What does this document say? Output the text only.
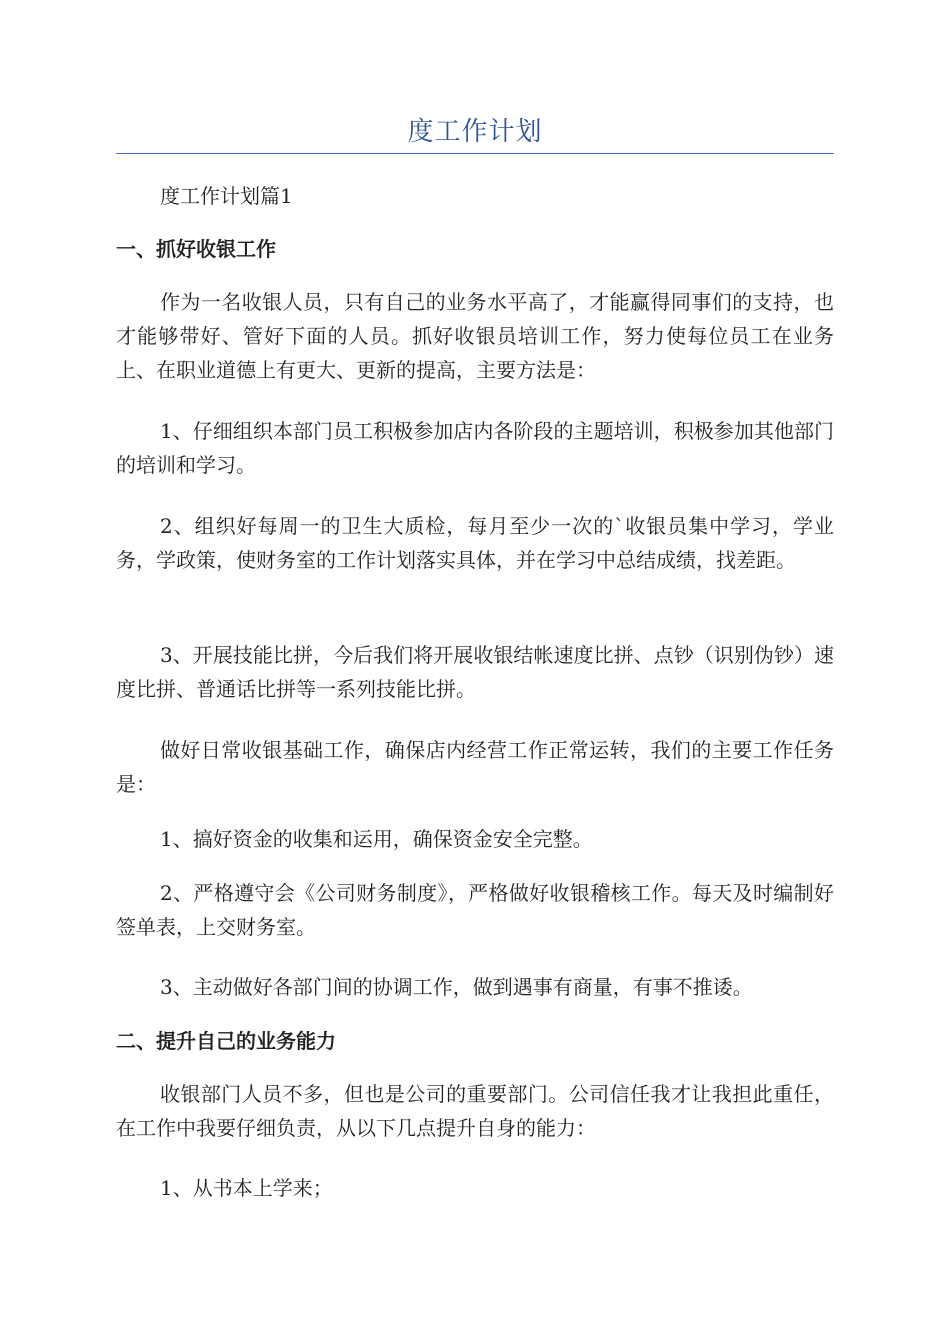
度工作计划

度工作计划篇1

一、抓好收银工作

作为一名收银人员，只有自己的业务水平高了，才能赢得同事们的支持，也才能够带好、管好下面的人员。抓好收银员培训工作，努力使每位员工在业务上、在职业道德上有更大、更新的提高，主要方法是：

1、仔细组织本部门员工积极参加店内各阶段的主题培训，积极参加其他部门的培训和学习。

2、组织好每周一的卫生大质检，每月至少一次的`收银员集中学习，学业务，学政策，使财务室的工作计划落实具体，并在学习中总结成绩，找差距。

3、开展技能比拼，今后我们将开展收银结帐速度比拼、点钞（识别伪钞）速度比拼、普通话比拼等一系列技能比拼。

做好日常收银基础工作，确保店内经营工作正常运转，我们的主要工作任务是：

1、搞好资金的收集和运用，确保资金安全完整。

2、严格遵守会《公司财务制度》，严格做好收银稽核工作。每天及时编制好签单表，上交财务室。

3、主动做好各部门间的协调工作，做到遇事有商量，有事不推诿。

二、提升自己的业务能力

收银部门人员不多，但也是公司的重要部门。公司信任我才让我担此重任，在工作中我要仔细负责，从以下几点提升自身的能力：

1、从书本上学来；
